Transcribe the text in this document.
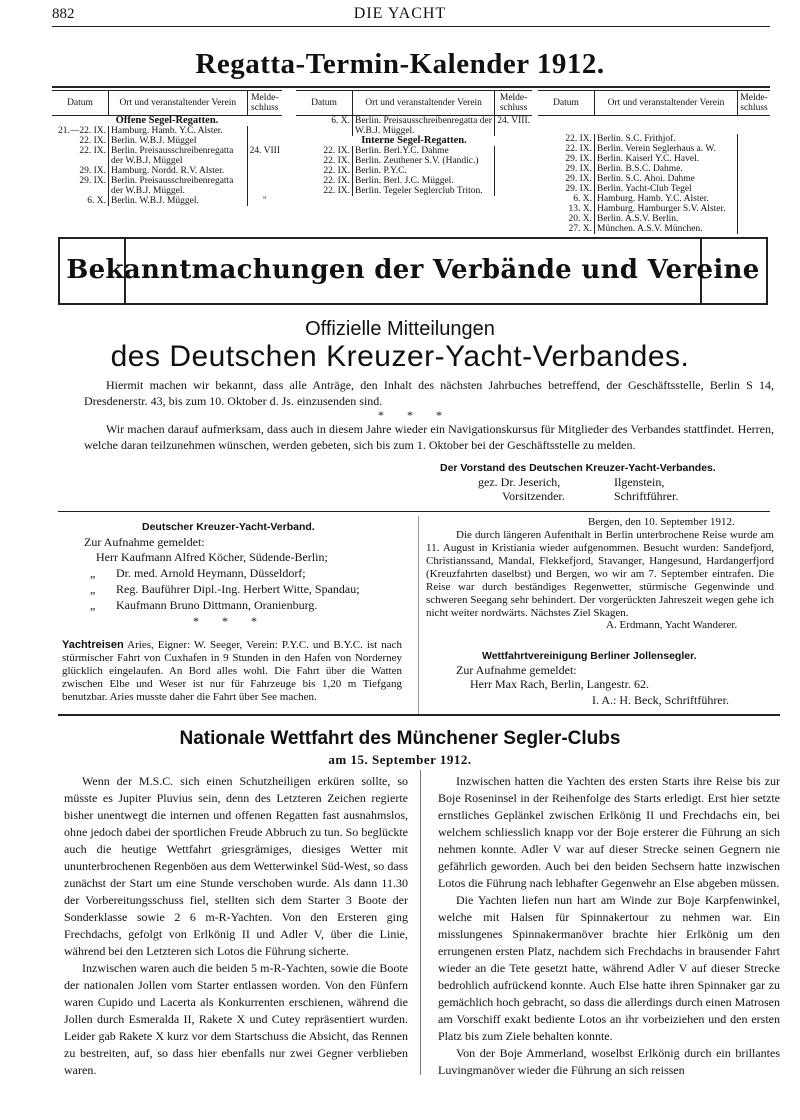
882	DIE YACHT
Regatta-Termin-Kalender 1912.
Datum	Ort und veranstaltender Verein	Melde-
schluss
Offene Segel-Regatten.		
21.—22. IX.	Hamburg. Hamb. Y.C. Alster.	
22. IX.	Berlin. W.B.J. Müggel	
22. IX.	Berlin. Preisausschreibenregatta der W.B.J. Müggel	24. VIII
29. IX.	Hamburg. Nordd. R.V. Alster.	
29. IX.	Berlin. Preisausschreibenregatta der W.B.J. Müggel.	
6. X.	Berlin. W.B.J. Müggel.	"
Datum	Ort und veranstaltender Verein	Melde-
schluss
6. X.	Berlin. Preisausschreibenregatta der W.B.J. Müggel.	24. VIII.
Interne Segel-Regatten.		
22. IX.	Berlin. Berl.Y.C. Dahme	
22. IX.	Berlin. Zeuthener S.V. (Handic.)	
22. IX.	Berlin. P.Y.C.	
22. IX.	Berlin. Berl. J.C. Müggel.	
22. IX.	Berlin. Tegeler Seglerclub Triton.	
Datum	Ort und veranstaltender Verein	Melde-
schluss

22. IX.	Berlin. S.C. Frithjof.	
22. IX.	Berlin. Verein Seglerhaus a. W.	
29. IX.	Berlin. Kaiserl Y.C. Havel.	
29. IX.	Berlin. B.S.C. Dahme.	
29. IX.	Berlin. S.C. Ahoi. Dahme	
29. IX.	Berlin. Yacht-Club Tegel	
6. X.	Hamburg. Hamb. Y.C. Alster.	
13. X.	Hamburg. Hamburger S.V. Alster.	
20. X.	Berlin. A.S.V. Berlin.	
27. X.	München. A.S.V. München.	
Bekanntmachungen der Verbände und Vereine
Offizielle Mitteilungen
des Deutschen Kreuzer-Yacht-Verbandes.
Hiermit machen wir bekannt, dass alle Anträge, den Inhalt des nächsten Jahrbuches betreffend, der Geschäftsstelle, Berlin S 14, Dresdenerstr. 43, bis zum 10. Oktober d. Js. einzusenden sind.
* * *
Wir machen darauf aufmerksam, dass auch in diesem Jahre wieder ein Navigationskursus für Mitglieder des Verbandes stattfindet. Herren, welche daran teilzunehmen wünschen, werden gebeten, sich bis zum 1. Oktober bei der Geschäftsstelle zu melden.
Der Vorstand des Deutschen Kreuzer-Yacht-Verbandes.
gez. Dr. Jeserich,	Ilgenstein,
Vorsitzender.	Schriftführer.
Deutscher Kreuzer-Yacht-Verband.
Zur Aufnahme gemeldet:
Herr Kaufmann Alfred Köcher, Südende-Berlin;
„ Dr. med. Arnold Heymann, Düsseldorf;
„ Reg. Bauführer Dipl.-Ing. Herbert Witte, Spandau;
„ Kaufmann Bruno Dittmann, Oranienburg.
* * *
Yachtreisen Aries, Eigner: W. Seeger, Verein: P.Y.C. und B.Y.C. ist nach stürmischer Fahrt von Cuxhafen in 9 Stunden in den Hafen von Norderney glücklich eingelaufen. An Bord alles wohl. Die Fahrt über die Watten zwischen Elbe und Weser ist nur für Fahrzeuge bis 1,20 m Tiefgang benutzbar. Aries musste daher die Fahrt über See machen.
Bergen, den 10. September 1912.
Die durch längeren Aufenthalt in Berlin unterbrochene Reise wurde am 11. August in Kristiania wieder aufgenommen. Besucht wurden: Sandefjord, Christianssand, Mandal, Flekkefjord, Stavanger, Hangesund, Hardangerfjord (Kreuzfahrten daselbst) und Bergen, wo wir am 7. September eintrafen. Die Reise war durch beständiges Regenwetter, stürmische Gegenwinde und schweren Seegang sehr behindert. Der vorgerückten Jahreszeit wegen gehe ich nicht weiter nordwärts. Nächstes Ziel Skagen.
A. Erdmann, Yacht Wanderer.
Wettfahrtvereinigung Berliner Jollensegler.
Zur Aufnahme gemeldet:
Herr Max Rach, Berlin, Langestr. 62.
I. A.: H. Beck, Schriftführer.
Nationale Wettfahrt des Münchener Segler-Clubs
am 15. September 1912.

Wenn der M.S.C. sich einen Schutzheiligen erküren sollte, so müsste es Jupiter Pluvius sein, denn des Letzteren Zeichen regierte bisher unentwegt die internen und offenen Regatten fast ausnahmslos, ohne jedoch dabei der sportlichen Freude Abbruch zu tun. So beglückte auch die heutige Wettfahrt griesgrämiges, diesiges Wetter mit ununterbrochenen Regenböen aus dem Wetterwinkel Süd-West, so dass zunächst der Start um eine Stunde verschoben wurde. Als dann 11.30 der Vorbereitungsschuss fiel, stellten sich dem Starter 3 Boote der Sonderklasse sowie 2 6 m-R-Yachten. Von den Ersteren ging Frechdachs, gefolgt von Erlkönig II und Adler V, über die Linie, während bei den Letzteren sich Lotos die Führung sicherte.

Inzwischen waren auch die beiden 5 m-R-Yachten, sowie die Boote der nationalen Jollen vom Starter entlassen worden. Von den Fünfern waren Cupido und Lacerta als Konkurrenten erschienen, während die Jollen durch Esmeralda II, Rakete X und Cutey repräsentiert wurden. Leider gab Rakete X kurz vor dem Startschuss die Absicht, das Rennen zu bestreiten, auf, so dass hier ebenfalls nur zwei Gegner verblieben waren.

Inzwischen hatten die Yachten des ersten Starts ihre Reise bis zur Boje Roseninsel in der Reihenfolge des Starts erledigt. Erst hier setzte ernstliches Geplänkel zwischen Erlkönig II und Frechdachs ein, bei welchem schliesslich knapp vor der Boje ersterer die Führung an sich nehmen konnte. Adler V war auf dieser Strecke seinen Gegnern nie gefährlich geworden. Auch bei den beiden Sechsern hatte inzwischen Lotos die Führung nach lebhafter Gegenwehr an Else abgeben müssen.

Die Yachten liefen nun hart am Winde zur Boje Karpfenwinkel, welche mit Halsen für Spinnakertour zu nehmen war. Ein misslungenes Spinnakermanöver brachte hier Erlkönig um den errungenen ersten Platz, nachdem sich Frechdachs in brausender Fahrt wieder an die Tete gesetzt hatte, während Adler V auf dieser Strecke bedrohlich aufrückend konnte. Auch Else hatte ihren Spinnaker gar zu gemächlich hoch gebracht, so dass die allerdings durch einen Matrosen am Vorschiff exakt bediente Lotos an ihr vorbeiziehen und den ersten Platz bis zum Ziele behalten konnte.

Von der Boje Ammerland, woselbst Erlkönig durch ein brillantes Luvingmanöver wieder die Führung an sich reissen
